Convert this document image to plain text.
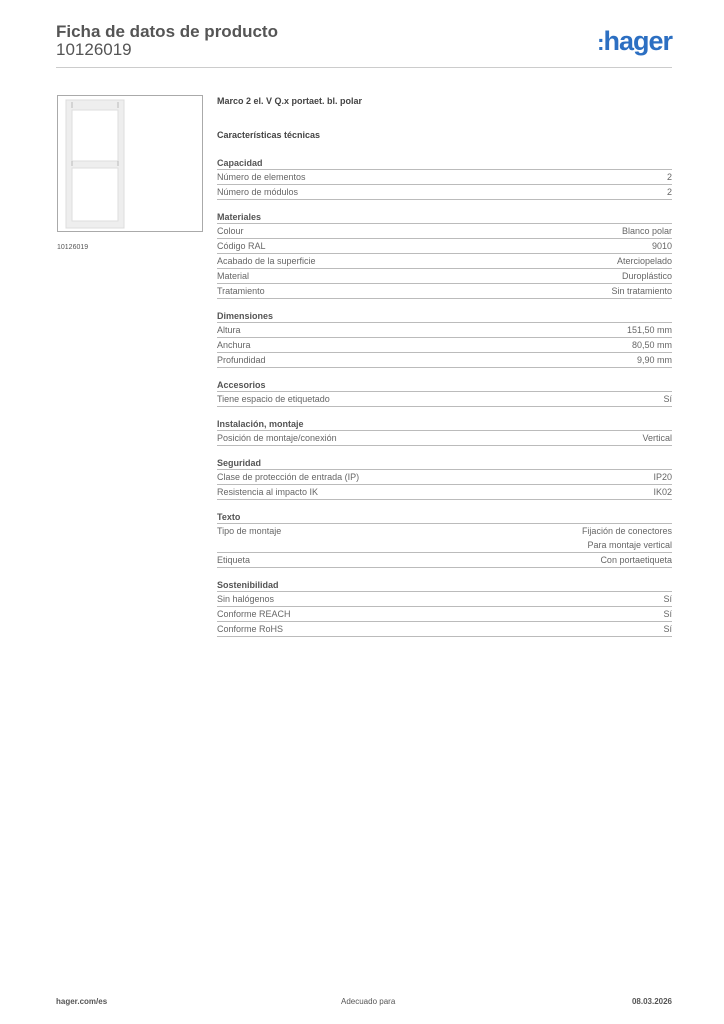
Ficha de datos de producto
10126019	:hager
10126019
Marco 2 el. V Q.x portaet. bl. polar
Características técnicas
Capacidad
Número de elementos	2
Número de módulos	2
Materiales
Colour	Blanco polar
Código RAL	9010
Acabado de la superficie	Aterciopelado
Material	Duroplástico
Tratamiento	Sin tratamiento
Dimensiones
Altura	151,50 mm
Anchura	80,50 mm
Profundidad	9,90 mm
Accesorios
Tiene espacio de etiquetado	Sí
Instalación, montaje
Posición de montaje/conexión	Vertical
Seguridad
Clase de protección de entrada (IP)	IP20
Resistencia al impacto IK	IK02
Texto
Tipo de montaje	Fijación de conectores
Para montaje vertical
Etiqueta	Con portaetiqueta
Sostenibilidad
Sin halógenos	Sí
Conforme REACH	Sí
Conforme RoHS	Sí
hager.com/es	Adecuado para	08.03.2026
